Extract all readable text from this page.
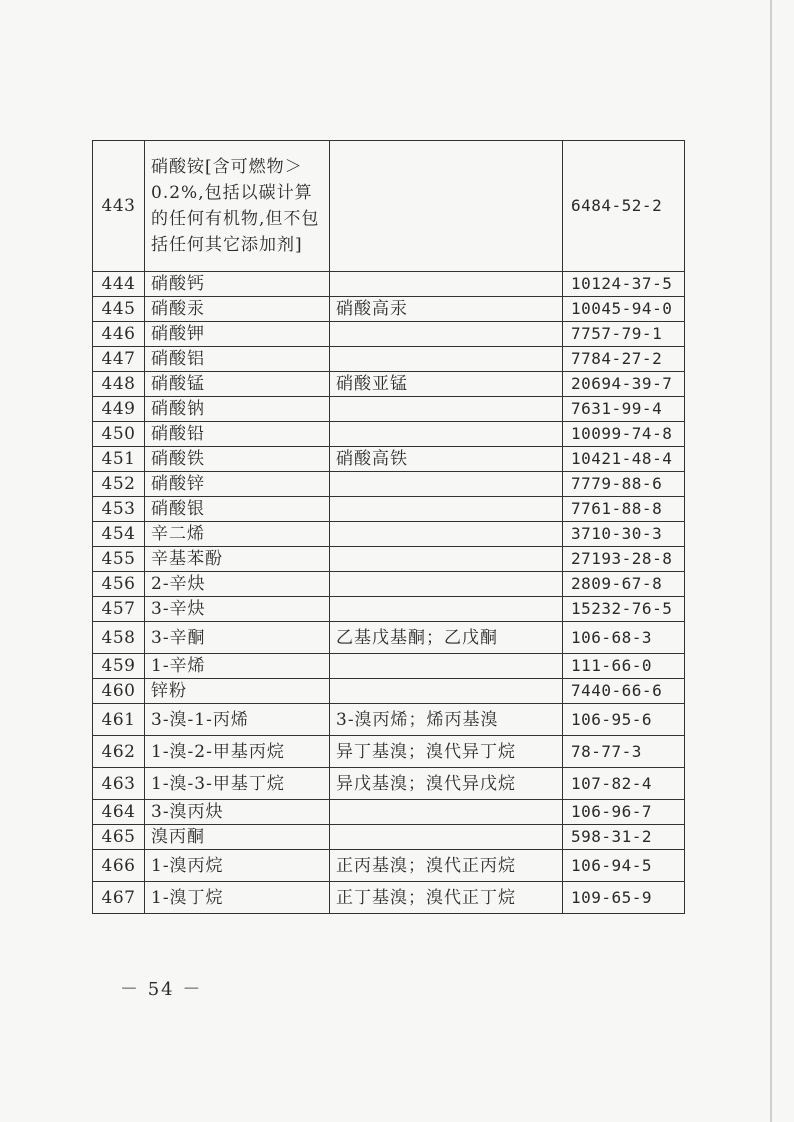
443	硝酸铵[含可燃物＞0.2%,包括以碳计算的任何有机物,但不包括任何其它添加剂]		6484-52-2
444	硝酸钙		10124-37-5
445	硝酸汞	硝酸高汞	10045-94-0
446	硝酸钾		7757-79-1
447	硝酸铝		7784-27-2
448	硝酸锰	硝酸亚锰	20694-39-7
449	硝酸钠		7631-99-4
450	硝酸铅		10099-74-8
451	硝酸铁	硝酸高铁	10421-48-4
452	硝酸锌		7779-88-6
453	硝酸银		7761-88-8
454	辛二烯		3710-30-3
455	辛基苯酚		27193-28-8
456	2-辛炔		2809-67-8
457	3-辛炔		15232-76-5
458	3-辛酮	乙基戊基酮；乙戊酮	106-68-3
459	1-辛烯		111-66-0
460	锌粉		7440-66-6
461	3-溴-1-丙烯	3-溴丙烯；烯丙基溴	106-95-6
462	1-溴-2-甲基丙烷	异丁基溴；溴代异丁烷	78-77-3
463	1-溴-3-甲基丁烷	异戊基溴；溴代异戊烷	107-82-4
464	3-溴丙炔		106-96-7
465	溴丙酮		598-31-2
466	1-溴丙烷	正丙基溴；溴代正丙烷	106-94-5
467	1-溴丁烷	正丁基溴；溴代正丁烷	109-65-9
－ 54 －
